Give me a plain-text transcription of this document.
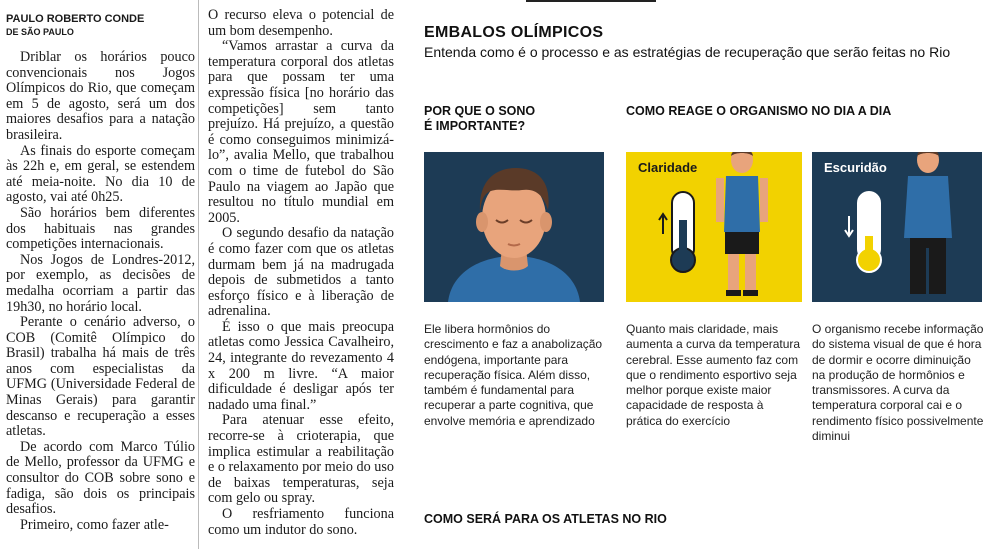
PAULO ROBERTO CONDE
DE SÃO PAULO

Driblar os horários pouco convencionais nos Jogos Olímpicos do Rio, que começam em 5 de agosto, será um dos maiores desafios para a natação brasileira.

As finais do esporte começam às 22h e, em geral, se estendem até meia-noite. No dia 10 de agosto, vai até 0h25.

São horários bem diferentes dos habituais nas grandes competições internacionais.

Nos Jogos de Londres-2012, por exemplo, as decisões de medalha ocorriam a partir das 19h30, no horário local.

Perante o cenário adverso, o COB (Comitê Olímpico do Brasil) trabalha há mais de três anos com especialistas da UFMG (Universidade Federal de Minas Gerais) para garantir descanso e recuperação a esses atletas.

De acordo com Marco Túlio de Mello, professor da UFMG e consultor do COB sobre sono e fadiga, são dois os principais desafios.

Primeiro, como fazer atle-

O recurso eleva o potencial de um bom desempenho.

“Vamos arrastar a curva da temperatura corporal dos atletas para que possam ter uma expressão física [no horário das competições] sem tanto prejuízo. Há prejuízo, a questão é como conseguimos minimizá-lo”, avalia Mello, que trabalhou com o time de futebol do São Paulo na viagem ao Japão que resultou no título mundial em 2005.

O segundo desafio da natação é como fazer com que os atletas durmam bem já na madrugada depois de submetidos a tanto esforço físico e à liberação de adrenalina.

É isso o que mais preocupa atletas como Jessica Cavalheiro, 24, integrante do revezamento 4 x 200 m livre. “A maior dificuldade é desligar após ter nadado uma final.”

Para atenuar esse efeito, recorre-se à crioterapia, que implica estimular a reabilitação e o relaxamento por meio do uso de baixas temperaturas, seja com gelo ou spray.

O resfriamento funciona como um indutor do sono.

EMBALOS OLÍMPICOS
Entenda como é o processo e as estratégias de recuperação que serão feitas no Rio
POR QUE O SONO
É IMPORTANTE?
COMO REAGE O ORGANISMO NO DIA A DIA
Claridade	Escuridão
Ele libera hormônios do crescimento e faz a anabolização endógena, importante para recuperação física. Além disso, também é fundamental para recuperar a parte cognitiva, que envolve memória e aprendizado
Quanto mais claridade, mais aumenta a curva da temperatura cerebral. Esse aumento faz com que o rendimento esportivo seja melhor porque existe maior capacidade de resposta à prática do exercício
O organismo recebe informação do sistema visual de que é hora de dormir e ocorre diminuição na produção de hormônios e transmissores. A curva da temperatura corporal cai e o rendimento físico possivelmente diminui
COMO SERÁ PARA OS ATLETAS NO RIO
